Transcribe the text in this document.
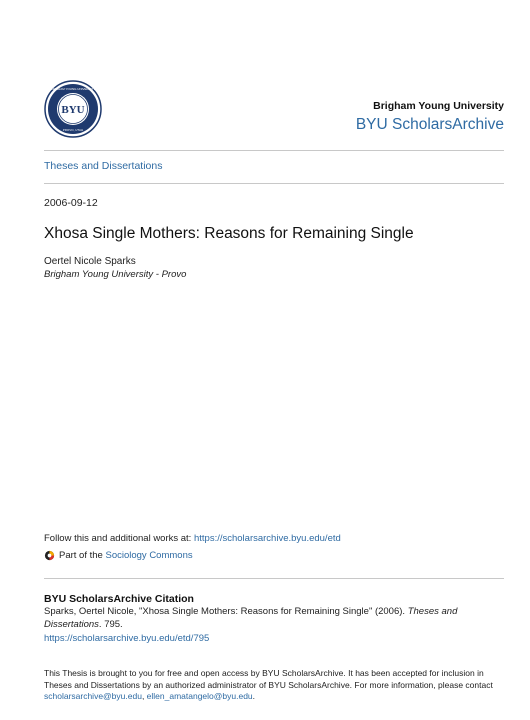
BYU
BRIGHAM YOUNG UNIVERSITY
PROVO, UTAH
Brigham Young University
BYU ScholarsArchive
Theses and Dissertations
2006-09-12
Xhosa Single Mothers: Reasons for Remaining Single
Oertel Nicole Sparks
Brigham Young University - Provo
Follow this and additional works at: https://scholarsarchive.byu.edu/etd
Part of the
Sociology Commons
BYU ScholarsArchive Citation
Sparks, Oertel Nicole, "Xhosa Single Mothers: Reasons for Remaining Single" (2006). Theses and Dissertations. 795.
https://scholarsarchive.byu.edu/etd/795
This Thesis is brought to you for free and open access by BYU ScholarsArchive. It has been accepted for inclusion in Theses and Dissertations by an authorized administrator of BYU ScholarsArchive. For more information, please contact scholarsarchive@byu.edu, ellen_amatangelo@byu.edu.
